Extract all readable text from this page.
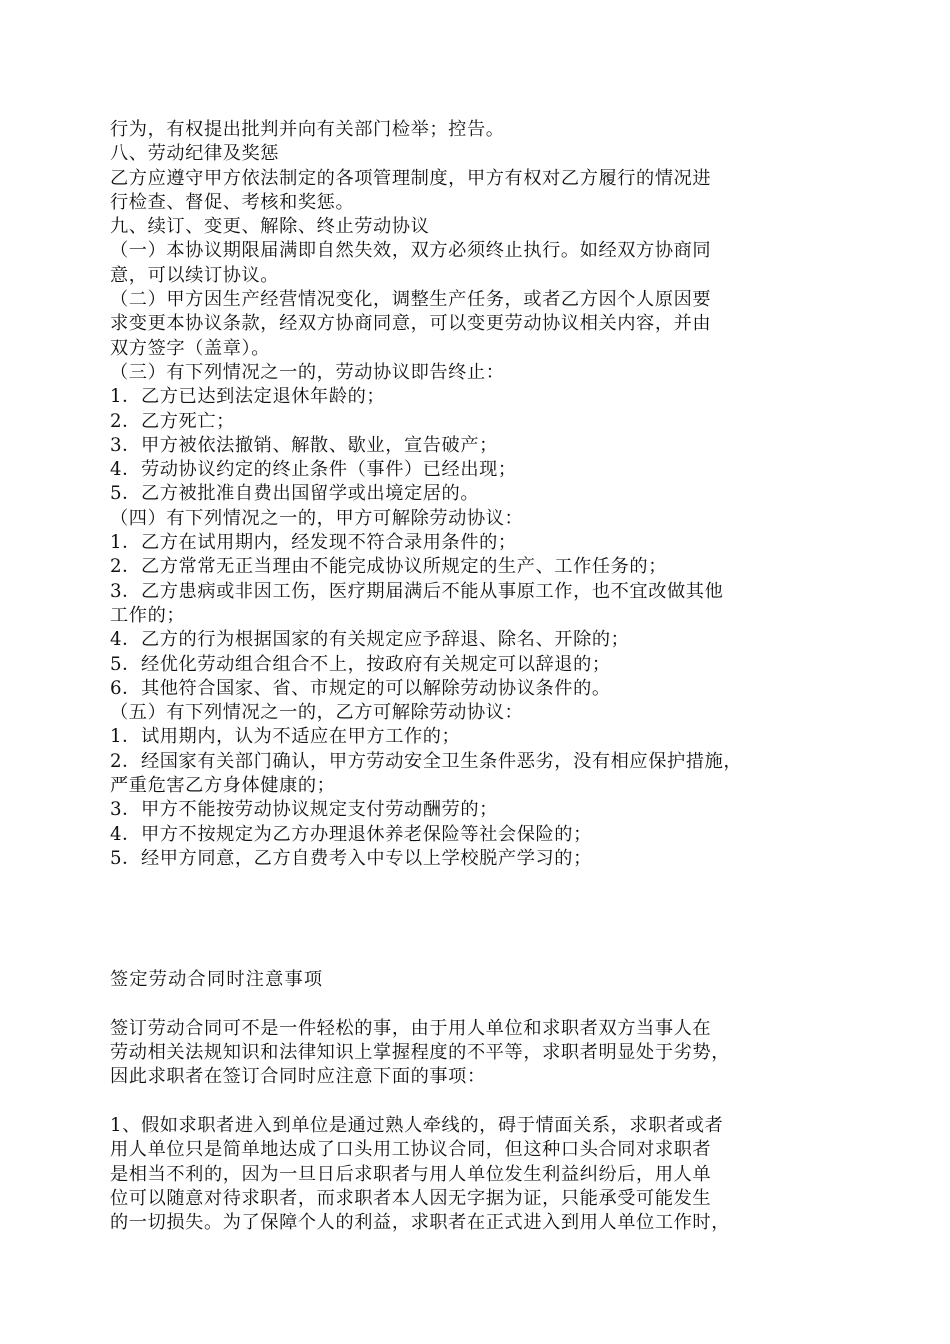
行为，有权提出批判并向有关部门检举；控告。
八、劳动纪律及奖惩
乙方应遵守甲方依法制定的各项管理制度，甲方有权对乙方履行的情况进
行检查、督促、考核和奖惩。
九、续订、变更、解除、终止劳动协议
（一）本协议期限届满即自然失效，双方必须终止执行。如经双方协商同
意，可以续订协议。
（二）甲方因生产经营情况变化，调整生产任务，或者乙方因个人原因要
求变更本协议条款，经双方协商同意，可以变更劳动协议相关内容，并由
双方签字（盖章）。
（三）有下列情况之一的，劳动协议即告终止：
1．乙方已达到法定退休年龄的；
2．乙方死亡；
3．甲方被依法撤销、解散、歇业，宣告破产；
4．劳动协议约定的终止条件（事件）已经出现；
5．乙方被批准自费出国留学或出境定居的。
（四）有下列情况之一的，甲方可解除劳动协议：
1．乙方在试用期内，经发现不符合录用条件的；
2．乙方常常无正当理由不能完成协议所规定的生产、工作任务的；
3．乙方患病或非因工伤，医疗期届满后不能从事原工作，也不宜改做其他
工作的；
4．乙方的行为根据国家的有关规定应予辞退、除名、开除的；
5．经优化劳动组合组合不上，按政府有关规定可以辞退的；
6．其他符合国家、省、市规定的可以解除劳动协议条件的。
（五）有下列情况之一的，乙方可解除劳动协议：
1．试用期内，认为不适应在甲方工作的；
2．经国家有关部门确认，甲方劳动安全卫生条件恶劣，没有相应保护措施，
严重危害乙方身体健康的；
3．甲方不能按劳动协议规定支付劳动酬劳的；
4．甲方不按规定为乙方办理退休养老保险等社会保险的；
5．经甲方同意，乙方自费考入中专以上学校脱产学习的；
签定劳动合同时注意事项
签订劳动合同可不是一件轻松的事，由于用人单位和求职者双方当事人在
劳动相关法规知识和法律知识上掌握程度的不平等，求职者明显处于劣势，
因此求职者在签订合同时应注意下面的事项：
1、假如求职者进入到单位是通过熟人牵线的，碍于情面关系，求职者或者
用人单位只是简单地达成了口头用工协议合同，但这种口头合同对求职者
是相当不利的，因为一旦日后求职者与用人单位发生利益纠纷后，用人单
位可以随意对待求职者，而求职者本人因无字据为证，只能承受可能发生
的一切损失。为了保障个人的利益，求职者在正式进入到用人单位工作时，
